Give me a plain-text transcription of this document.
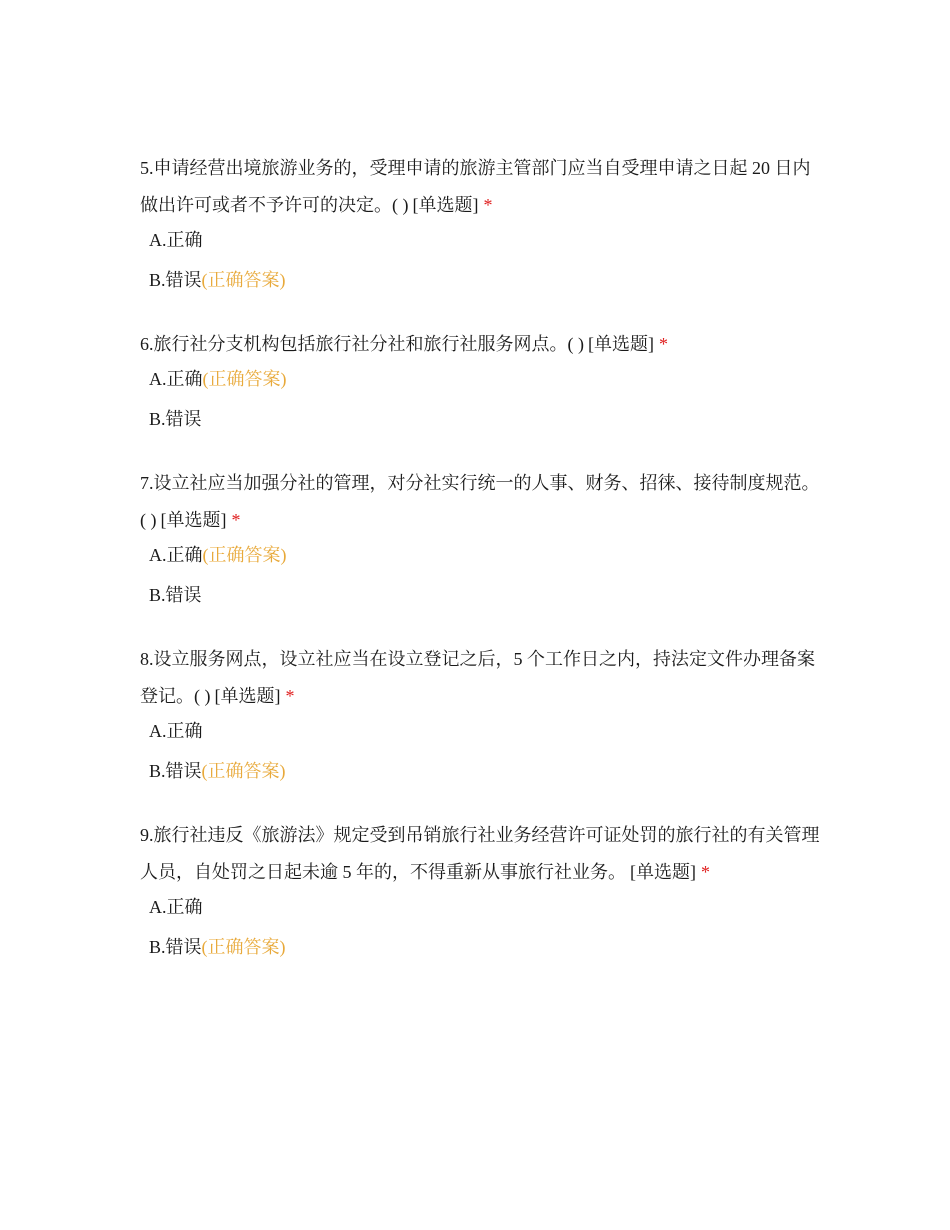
5.申请经营出境旅游业务的，受理申请的旅游主管部门应当自受理申请之日起 20 日内做出许可或者不予许可的决定。( ) [单选题] *
A.正确
B.错误(正确答案)
6.旅行社分支机构包括旅行社分社和旅行社服务网点。( ) [单选题] *
A.正确(正确答案)
B.错误
7.设立社应当加强分社的管理，对分社实行统一的人事、财务、招徕、接待制度规范。( ) [单选题] *
A.正确(正确答案)
B.错误
8.设立服务网点，设立社应当在设立登记之后，5 个工作日之内，持法定文件办理备案登记。( ) [单选题] *
A.正确
B.错误(正确答案)
9.旅行社违反《旅游法》规定受到吊销旅行社业务经营许可证处罚的旅行社的有关管理人员，自处罚之日起未逾 5 年的，不得重新从事旅行社业务。 [单选题] *
A.正确
B.错误(正确答案)
